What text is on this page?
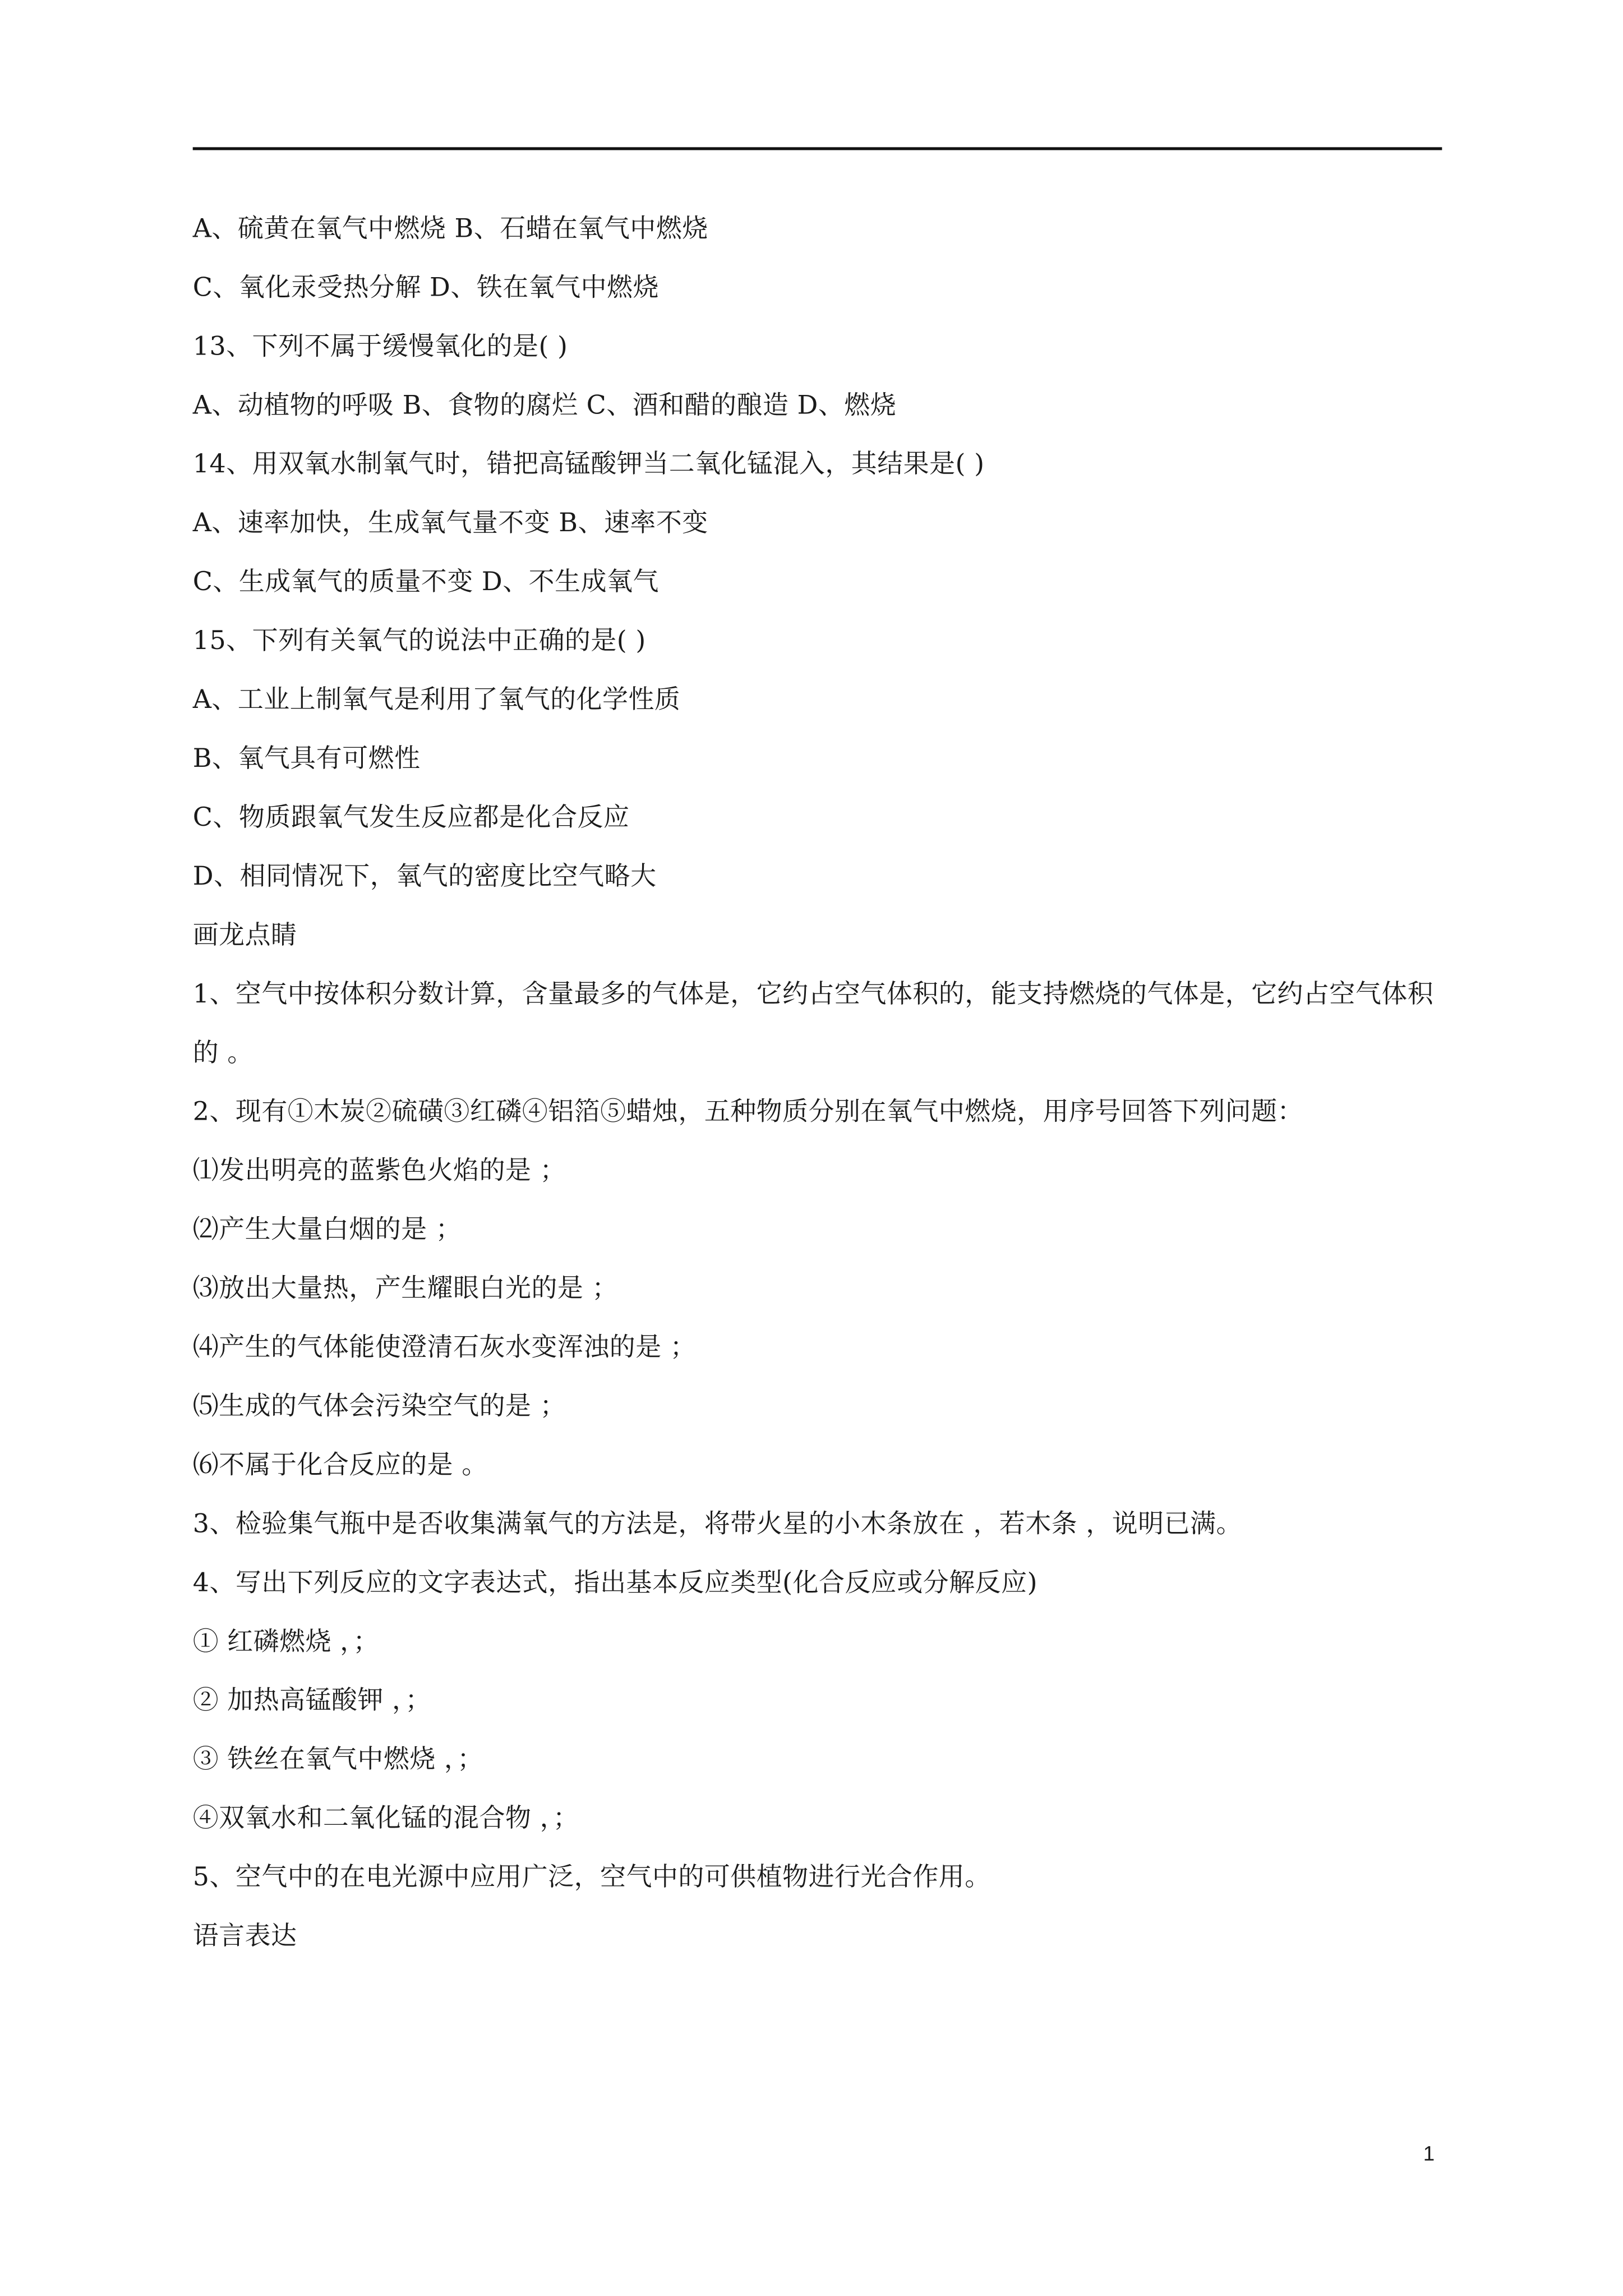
A、硫黄在氧气中燃烧 B、石蜡在氧气中燃烧
C、氧化汞受热分解 D、铁在氧气中燃烧
13、下列不属于缓慢氧化的是( )
A、动植物的呼吸 B、食物的腐烂 C、酒和醋的酿造 D、燃烧
14、用双氧水制氧气时，错把高锰酸钾当二氧化锰混入，其结果是( )
A、速率加快，生成氧气量不变 B、速率不变
C、生成氧气的质量不变 D、不生成氧气
15、下列有关氧气的说法中正确的是( )
A、工业上制氧气是利用了氧气的化学性质
B、氧气具有可燃性
C、物质跟氧气发生反应都是化合反应
D、相同情况下，氧气的密度比空气略大
画龙点睛
1、空气中按体积分数计算，含量最多的气体是，它约占空气体积的，能支持燃烧的气体是，它约占空气体积的 。
2、现有①木炭②硫磺③红磷④铝箔⑤蜡烛，五种物质分别在氧气中燃烧，用序号回答下列问题：
⑴发出明亮的蓝紫色火焰的是 ；
⑵产生大量白烟的是 ；
⑶放出大量热，产生耀眼白光的是 ；
⑷产生的气体能使澄清石灰水变浑浊的是 ；
⑸生成的气体会污染空气的是 ；
⑹不属于化合反应的是 。
3、检验集气瓶中是否收集满氧气的方法是，将带火星的小木条放在 ，若木条 ，说明已满。
4、写出下列反应的文字表达式，指出基本反应类型(化合反应或分解反应)
① 红磷燃烧 ，；
② 加热高锰酸钾 ，；
③ 铁丝在氧气中燃烧 ，；
④双氧水和二氧化锰的混合物 ，；
5、空气中的在电光源中应用广泛，空气中的可供植物进行光合作用。
语言表达
1
